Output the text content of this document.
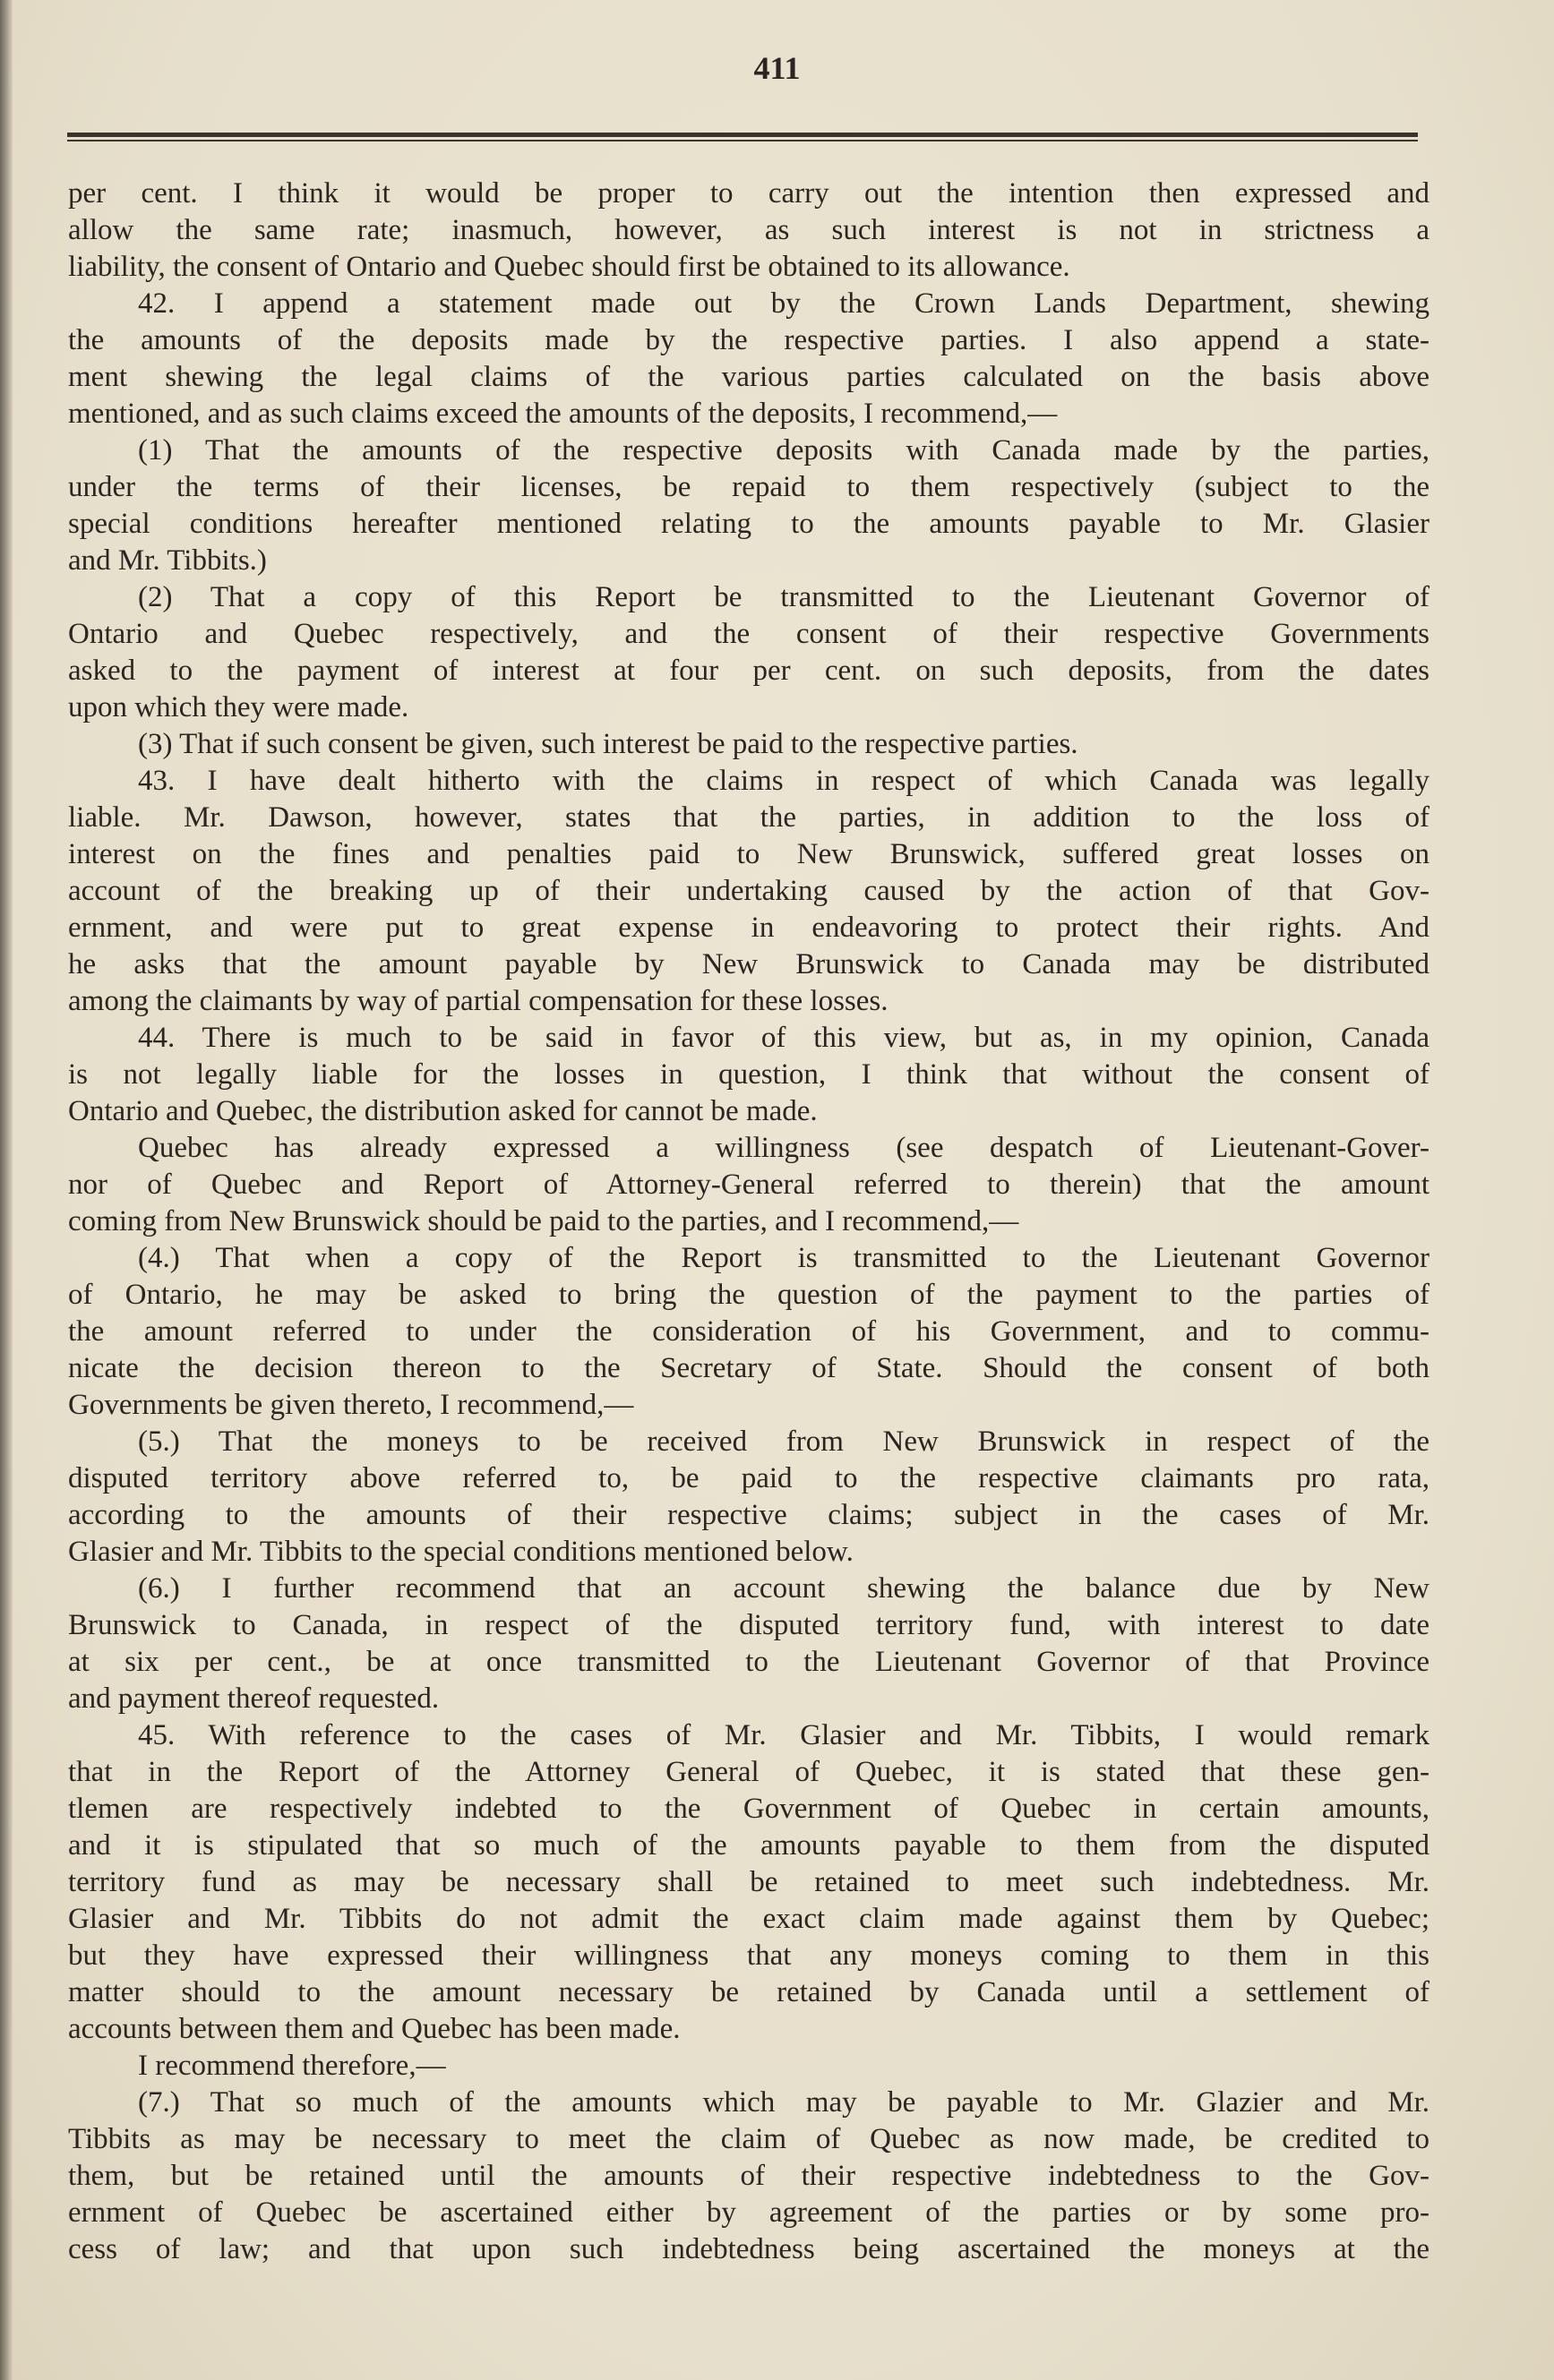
411
per cent. I think it would be proper to carry out the intention then expressed and
allow the same rate; inasmuch, however, as such interest is not in strictness a
liability, the consent of Ontario and Quebec should first be obtained to its allowance.
42. I append a statement made out by the Crown Lands Department, shewing
the amounts of the deposits made by the respective parties. I also append a state-
ment shewing the legal claims of the various parties calculated on the basis above
mentioned, and as such claims exceed the amounts of the deposits, I recommend,—
(1) That the amounts of the respective deposits with Canada made by the parties,
under the terms of their licenses, be repaid to them respectively (subject to the
special conditions hereafter mentioned relating to the amounts payable to Mr. Glasier
and Mr. Tibbits.)
(2) That a copy of this Report be transmitted to the Lieutenant Governor of
Ontario and Quebec respectively, and the consent of their respective Governments
asked to the payment of interest at four per cent. on such deposits, from the dates
upon which they were made.
(3) That if such consent be given, such interest be paid to the respective parties.
43. I have dealt hitherto with the claims in respect of which Canada was legally
liable. Mr. Dawson, however, states that the parties, in addition to the loss of
interest on the fines and penalties paid to New Brunswick, suffered great losses on
account of the breaking up of their undertaking caused by the action of that Gov-
ernment, and were put to great expense in endeavoring to protect their rights. And
he asks that the amount payable by New Brunswick to Canada may be distributed
among the claimants by way of partial compensation for these losses.
44. There is much to be said in favor of this view, but as, in my opinion, Canada
is not legally liable for the losses in question, I think that without the consent of
Ontario and Quebec, the distribution asked for cannot be made.
Quebec has already expressed a willingness (see despatch of Lieutenant-Gover-
nor of Quebec and Report of Attorney-General referred to therein) that the amount
coming from New Brunswick should be paid to the parties, and I recommend,—
(4.) That when a copy of the Report is transmitted to the Lieutenant Governor
of Ontario, he may be asked to bring the question of the payment to the parties of
the amount referred to under the consideration of his Government, and to commu-
nicate the decision thereon to the Secretary of State. Should the consent of both
Governments be given thereto, I recommend,—
(5.) That the moneys to be received from New Brunswick in respect of the
disputed territory above referred to, be paid to the respective claimants pro rata,
according to the amounts of their respective claims; subject in the cases of Mr.
Glasier and Mr. Tibbits to the special conditions mentioned below.
(6.) I further recommend that an account shewing the balance due by New
Brunswick to Canada, in respect of the disputed territory fund, with interest to date
at six per cent., be at once transmitted to the Lieutenant Governor of that Province
and payment thereof requested.
45. With reference to the cases of Mr. Glasier and Mr. Tibbits, I would remark
that in the Report of the Attorney General of Quebec, it is stated that these gen-
tlemen are respectively indebted to the Government of Quebec in certain amounts,
and it is stipulated that so much of the amounts payable to them from the disputed
territory fund as may be necessary shall be retained to meet such indebtedness. Mr.
Glasier and Mr. Tibbits do not admit the exact claim made against them by Quebec;
but they have expressed their willingness that any moneys coming to them in this
matter should to the amount necessary be retained by Canada until a settlement of
accounts between them and Quebec has been made.
I recommend therefore,—
(7.) That so much of the amounts which may be payable to Mr. Glazier and Mr.
Tibbits as may be necessary to meet the claim of Quebec as now made, be credited to
them, but be retained until the amounts of their respective indebtedness to the Gov-
ernment of Quebec be ascertained either by agreement of the parties or by some pro-
cess of law; and that upon such indebtedness being ascertained the moneys at the
